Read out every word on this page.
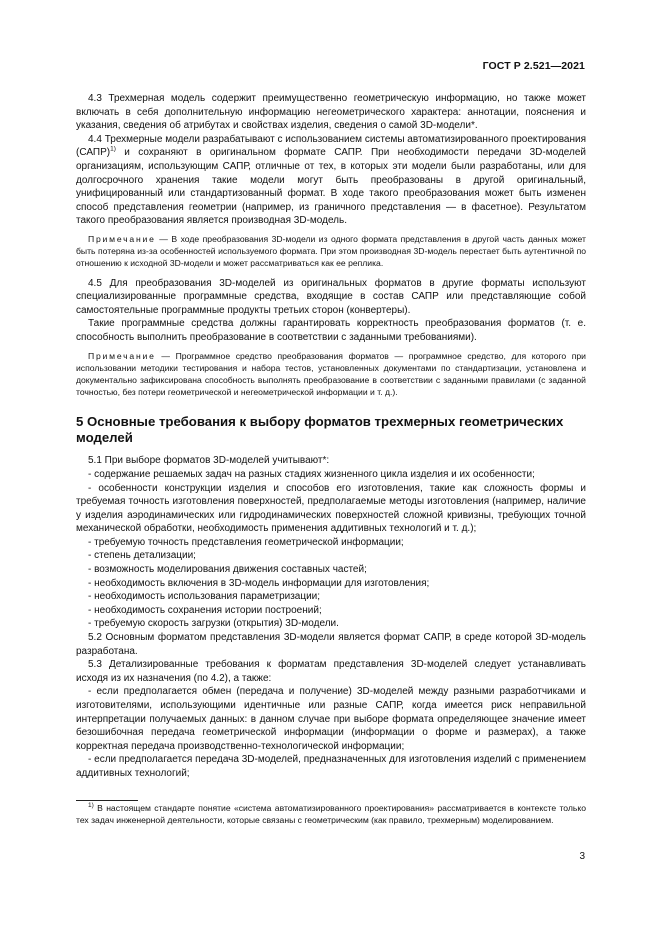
ГОСТ Р 2.521—2021

4.3 Трехмерная модель содержит преимущественно геометрическую информацию, но также может включать в себя дополнительную информацию негеометрического характера: аннотации, пояснения и указания, сведения об атрибутах и свойствах изделия, сведения о самой 3D-модели*.

4.4 Трехмерные модели разрабатывают с использованием системы автоматизированного проектирования (САПР)$^{1)}$ и сохраняют в оригинальном формате САПР. При необходимости передачи 3D-моделей организациям, использующим САПР, отличные от тех, в которых эти модели были разработаны, или для долгосрочного хранения такие модели могут быть преобразованы в другой оригинальный, унифицированный или стандартизованный формат. В ходе такого преобразования может быть изменен способ представления геометрии (например, из граничного представления — в фасетное). Результатом такого преобразования является производная 3D-модель.

Примечание — В ходе преобразования 3D-модели из одного формата представления в другой часть данных может быть потеряна из-за особенностей используемого формата. При этом производная 3D-модель перестает быть аутентичной по отношению к исходной 3D-модели и может рассматриваться как ее реплика.

4.5 Для преобразования 3D-моделей из оригинальных форматов в другие форматы используют специализированные программные средства, входящие в состав САПР или представляющие собой самостоятельные программные продукты третьих сторон (конвертеры).

Такие программные средства должны гарантировать корректность преобразования форматов (т. е. способность выполнить преобразование в соответствии с заданными требованиями).

Примечание — Программное средство преобразования форматов — программное средство, для которого при использовании методики тестирования и набора тестов, установленных документами по стандартизации, установлена и документально зафиксирована способность выполнять преобразование в соответствии с заданными правилами (с заданной точностью, без потери геометрической и негеометрической информации и т. д.).

5 Основные требования к выбору форматов трехмерных геометрических моделей

5.1 При выборе форматов 3D-моделей учитывают*:

- содержание решаемых задач на разных стадиях жизненного цикла изделия и их особенности;

- особенности конструкции изделия и способов его изготовления, такие как сложность формы и требуемая точность изготовления поверхностей, предполагаемые методы изготовления (например, наличие у изделия аэродинамических или гидродинамических поверхностей сложной кривизны, требующих точной механической обработки, необходимость применения аддитивных технологий и т. д.);

- требуемую точность представления геометрической информации;

- степень детализации;

- возможность моделирования движения составных частей;

- необходимость включения в 3D-модель информации для изготовления;

- необходимость использования параметризации;

- необходимость сохранения истории построений;

- требуемую скорость загрузки (открытия) 3D-модели.

5.2 Основным форматом представления 3D-модели является формат САПР, в среде которой 3D-модель разработана.

5.3 Детализированные требования к форматам представления 3D-моделей следует устанавливать исходя из их назначения (по 4.2), а также:

- если предполагается обмен (передача и получение) 3D-моделей между разными разработчиками и изготовителями, использующими идентичные или разные САПР, когда имеется риск неправильной интерпретации получаемых данных: в данном случае при выборе формата определяющее значение имеет безошибочная передача геометрической информации (информации о форме и размерах), а также корректная передача производственно-технологической информации;

- если предполагается передача 3D-моделей, предназначенных для изготовления изделий с применением аддитивных технологий;

$^{1)}$ В настоящем стандарте понятие «система автоматизированного проектирования» рассматривается в контексте только тех задач инженерной деятельности, которые связаны с геометрическим (как правило, трехмерным) моделированием.

3
